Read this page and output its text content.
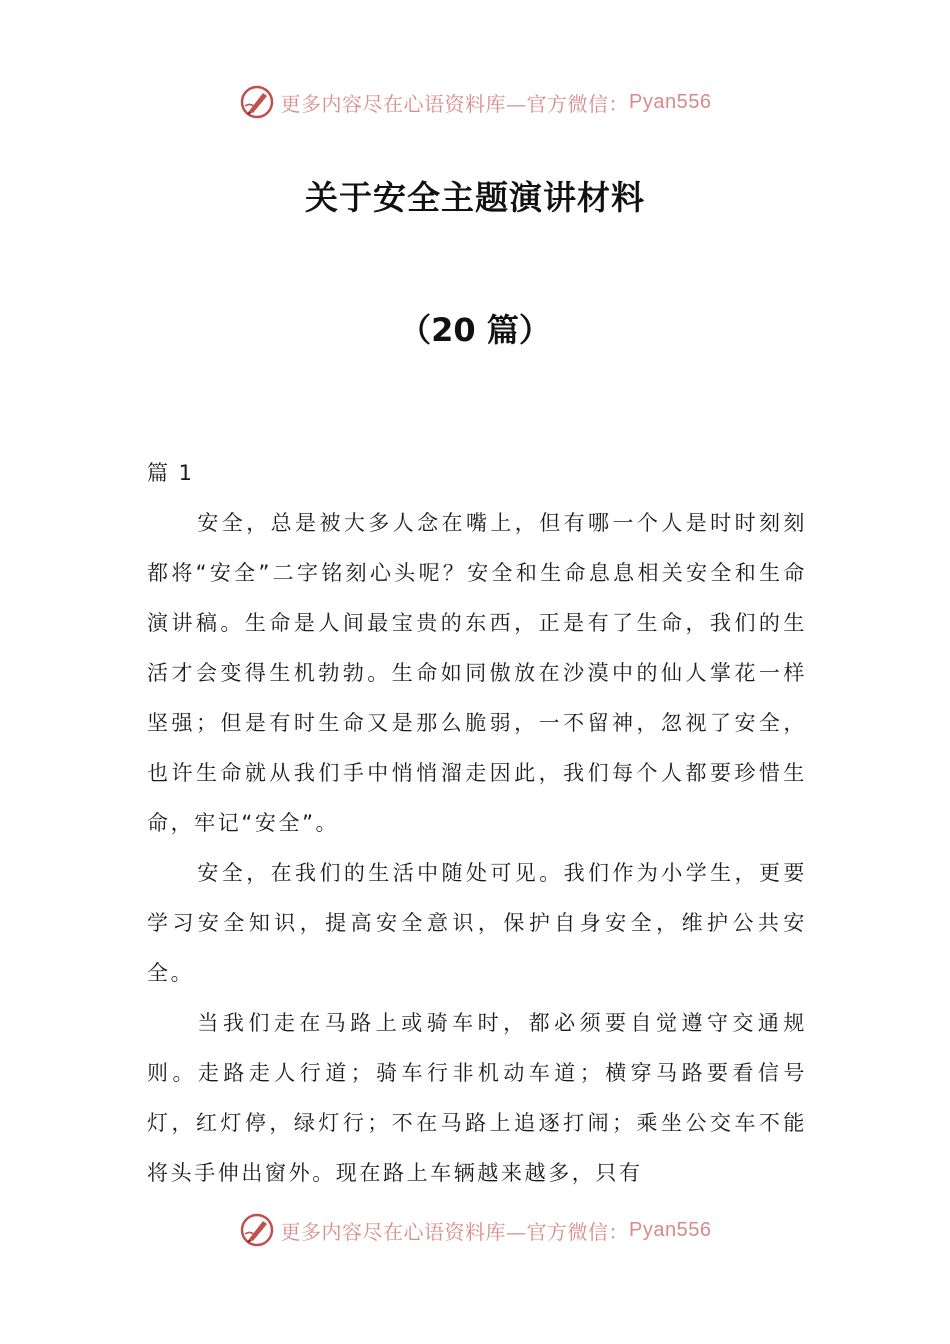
更多内容尽在心语资料库—官方微信： Pyan556
关于安全主题演讲材料
（20 篇）
篇 1

安全，总是被大多人念在嘴上，但有哪一个人是时时刻刻都将“安全”二字铭刻心头呢？安全和生命息息相关安全和生命演讲稿。生命是人间最宝贵的东西，正是有了生命，我们的生活才会变得生机勃勃。生命如同傲放在沙漠中的仙人掌花一样坚强；但是有时生命又是那么脆弱，一不留神，忽视了安全，也许生命就从我们手中悄悄溜走因此，我们每个人都要珍惜生命，牢记“安全”。

安全，在我们的生活中随处可见。我们作为小学生，更要学习安全知识，提高安全意识，保护自身安全，维护公共安全。

当我们走在马路上或骑车时，都必须要自觉遵守交通规则。走路走人行道；骑车行非机动车道；横穿马路要看信号灯，红灯停，绿灯行；不在马路上追逐打闹；乘坐公交车不能将头手伸出窗外。现在路上车辆越来越多，只有

更多内容尽在心语资料库—官方微信： Pyan556
